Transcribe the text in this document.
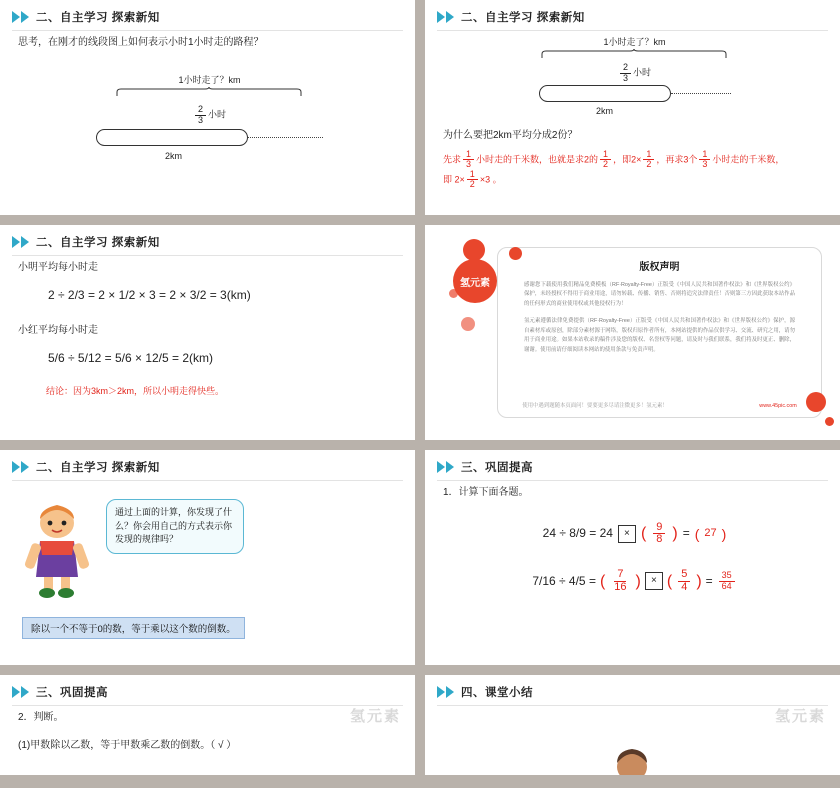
二、自主学习 探索新知
思考，在刚才的线段图上如何表示小时1小时走的路程？
1小时走了？km
$\frac{2}{3}$ 小时
2km
二、自主学习 探索新知
1小时走了？km
$\frac{2}{3}$ 小时
2km
为什么要把2km平均分成2份？
先求 $\frac{1}{3}$ 小时走的千米数，也就是求2的 $\frac{1}{2}$ ，即$2\times \frac{1}{2}$ ，再求3个 $\frac{1}{3}$ 小时走的千米数，
即 $2\times \frac{1}{2} \times 3$ 。
二、自主学习 探索新知
小明平均每小时走
2 ÷ 2/3 = 2 × 1/2 × 3 = 2 × 3/2 = 3(km)
小红平均每小时走
5/6 ÷ 5/12 = 5/6 × 12/5 = 2(km)
结论：因为3km＞2km，所以小明走得快些。
版权声明
感谢您下载使用我们精品免费模板（RF·Royalty-Free）正版受《中国人民共和国著作权法》和《世界版权公约》保护，未经授权不得用于商业用途，请勿转载、传播、销售、否则将追究法律责任！否则第三方因此获取本站作品的任何形式的商业使用权或其他侵权行为！
氢元素遵循法律免费提供（RF·Royalty-Free）正版受《中国人民共和国著作权法》和《世界版权公约》保护，源自素材库或原创，除部分素材源于网络，版权归原作者所有，本网站提供的作品仅供学习、交流、研究之用，请勿用于商业用途。如果本站收录的稿件涉及您的版权、名誉权等问题，请及时与我们联系，我们将及时更正、删除，谢谢。使用前请仔细阅读本网站的使用条款与免责声明。
使用中遇到题随本页面问！要要更多尽请注微更多！氢元素！	www.45pic.com
氢元素
二、自主学习 探索新知
通过上面的计算，你发现了什么？你会用自己的方式表示你发现的规律吗？
除以一个不等于0的数，等于乘以这个数的倒数。
三、巩固提高
1．计算下面各题。
24 ÷ 8/9 = 24	× ( $\frac{9}{8}$ ) = ( 27 )
7/16 ÷ 4/5 = ( $\frac{7}{16}$ )	× ( $\frac{5}{4}$ ) = $\frac{35}{64}$
三、巩固提高
2．判断。
(1)甲数除以乙数，等于甲数乘乙数的倒数。（ √ ）
氢元素
四、课堂小结
氢元素
